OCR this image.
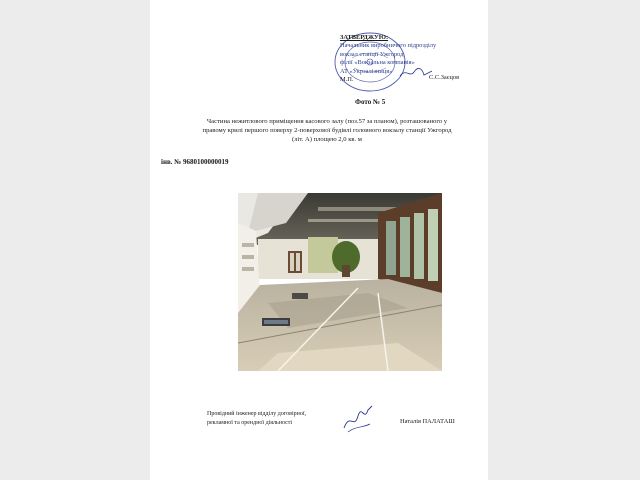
ЗАТВЕРДЖУЮ:
Начальник виробничого підрозділу
вокзал станції Ужгород
філії «Вокзальна компанія»
АТ «Укрзалізниця»
М.П.	С.С.Заєцов
Фото № 5
Частина нежитлового приміщення касового залу (поз.57 за планом), розташованого у правому крилі першого поверху 2-поверхової будівлі головного вокзалу станції Ужгород (літ. А) площею 2,0 кв. м
інв. № 9680100000019
Провідний інженер відділу договірної,
рекламної та орендної діяльності	Наталія ПАЛАТАШ
